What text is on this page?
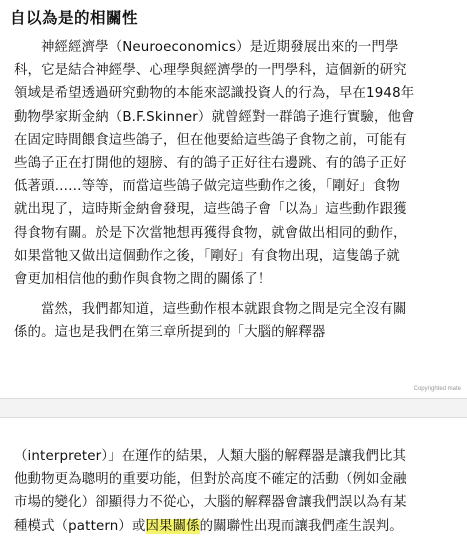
自以為是的相關性

神經經濟學（Neuroeconomics）是近期發展出來的一門學
科，它是結合神經學、心理學與經濟學的一門學科，這個新的研究
領域是希望透過研究動物的本能來認識投資人的行為，早在1948年
動物學家斯金納（B.F.Skinner）就曾經對一群鴿子進行實驗，他會
在固定時間餵食這些鴿子，但在他要給這些鴿子食物之前，可能有
些鴿子正在打開他的翅膀、有的鴿子正好往右邊跳、有的鴿子正好
低著頭……等等，而當這些鴿子做完這些動作之後，「剛好」食物
就出現了，這時斯金納會發現，這些鴿子會「以為」這些動作跟獲
得食物有關。於是下次當牠想再獲得食物，就會做出相同的動作，
如果當牠又做出這個動作之後，「剛好」有食物出現，這隻鴿子就
會更加相信他的動作與食物之間的關係了！

當然，我們都知道，這些動作根本就跟食物之間是完全沒有關
係的。這也是我們在第三章所提到的「大腦的解釋器

Copyrighted mate

（interpreter）」在運作的結果，人類大腦的解釋器是讓我們比其
他動物更為聰明的重要功能，但對於高度不確定的活動（例如金融
市場的變化）卻顯得力不從心，大腦的解釋器會讓我們誤以為有某
種模式（pattern）或因果關係的關聯性出現而讓我們產生誤判。
